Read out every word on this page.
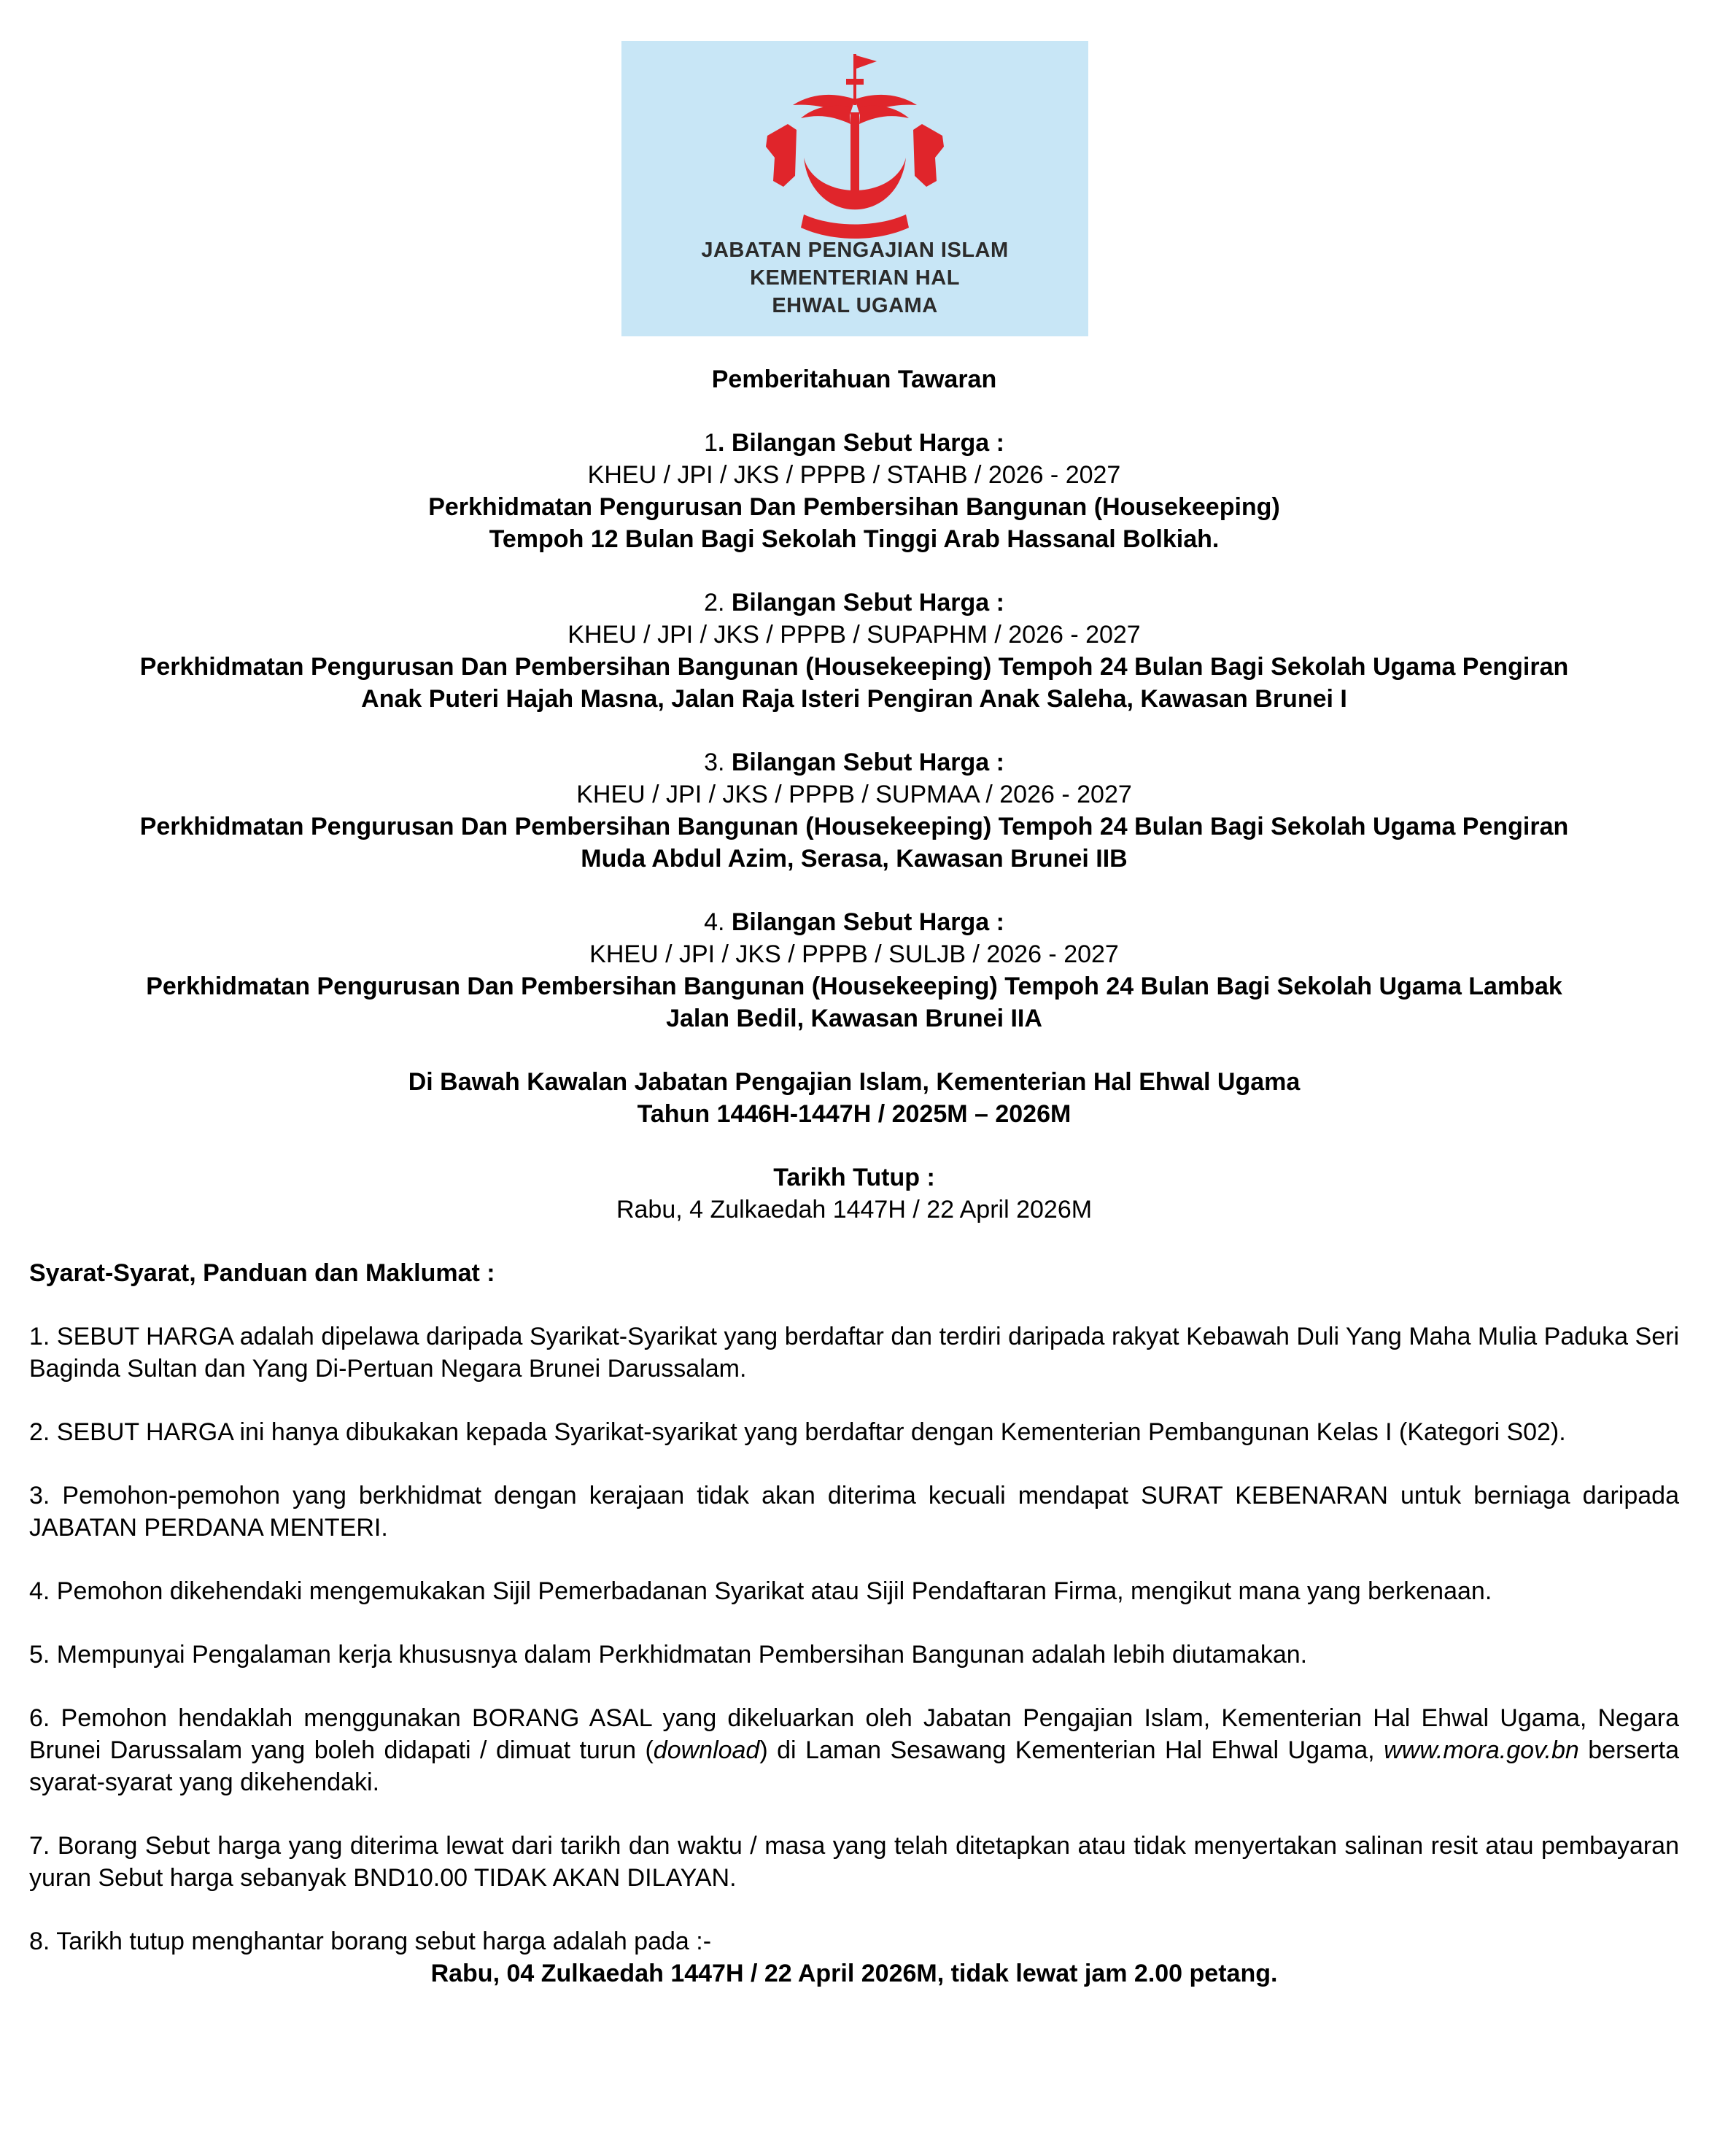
JABATAN PENGAJIAN ISLAM
KEMENTERIAN HAL
EHWAL UGAMA

Pemberitahuan Tawaran

1. Bilangan Sebut Harga :

KHEU / JPI / JKS / PPPB / STAHB / 2026 - 2027

Perkhidmatan Pengurusan Dan Pembersihan Bangunan (Housekeeping)

Tempoh 12 Bulan Bagi Sekolah Tinggi Arab Hassanal Bolkiah.

2. Bilangan Sebut Harga :

KHEU / JPI / JKS / PPPB / SUPAPHM / 2026 - 2027

Perkhidmatan Pengurusan Dan Pembersihan Bangunan (Housekeeping) Tempoh 24 Bulan Bagi Sekolah Ugama Pengiran

Anak Puteri Hajah Masna, Jalan Raja Isteri Pengiran Anak Saleha, Kawasan Brunei I

3. Bilangan Sebut Harga :

KHEU / JPI / JKS / PPPB / SUPMAA / 2026 - 2027

Perkhidmatan Pengurusan Dan Pembersihan Bangunan (Housekeeping) Tempoh 24 Bulan Bagi Sekolah Ugama Pengiran

Muda Abdul Azim, Serasa, Kawasan Brunei IIB

4. Bilangan Sebut Harga :

KHEU / JPI / JKS / PPPB / SULJB / 2026 - 2027

Perkhidmatan Pengurusan Dan Pembersihan Bangunan (Housekeeping) Tempoh 24 Bulan Bagi Sekolah Ugama Lambak

Jalan Bedil, Kawasan Brunei IIA

Di Bawah Kawalan Jabatan Pengajian Islam, Kementerian Hal Ehwal Ugama

Tahun 1446H-1447H / 2025M – 2026M

Tarikh Tutup :

Rabu, 4 Zulkaedah 1447H / 22 April 2026M

Syarat-Syarat, Panduan dan Maklumat :

1. SEBUT HARGA adalah dipelawa daripada Syarikat-Syarikat yang berdaftar dan terdiri daripada rakyat Kebawah Duli Yang Maha Mulia Paduka Seri Baginda Sultan dan Yang Di-Pertuan Negara Brunei Darussalam.

2. SEBUT HARGA ini hanya dibukakan kepada Syarikat-syarikat yang berdaftar dengan Kementerian Pembangunan Kelas I (Kategori S02).

3. Pemohon-pemohon yang berkhidmat dengan kerajaan tidak akan diterima kecuali mendapat SURAT KEBENARAN untuk berniaga daripada JABATAN PERDANA MENTERI.

4. Pemohon dikehendaki mengemukakan Sijil Pemerbadanan Syarikat atau Sijil Pendaftaran Firma, mengikut mana yang berkenaan.

5. Mempunyai Pengalaman kerja khususnya dalam Perkhidmatan Pembersihan Bangunan adalah lebih diutamakan.

6. Pemohon hendaklah menggunakan BORANG ASAL yang dikeluarkan oleh Jabatan Pengajian Islam, Kementerian Hal Ehwal Ugama, Negara Brunei Darussalam yang boleh didapati / dimuat turun (download) di Laman Sesawang Kementerian Hal Ehwal Ugama, www.mora.gov.bn berserta syarat-syarat yang dikehendaki.

7. Borang Sebut harga yang diterima lewat dari tarikh dan waktu / masa yang telah ditetapkan atau tidak menyertakan salinan resit atau pembayaran yuran Sebut harga sebanyak BND10.00 TIDAK AKAN DILAYAN.

8. Tarikh tutup menghantar borang sebut harga adalah pada :-

Rabu, 04 Zulkaedah 1447H / 22 April 2026M, tidak lewat jam 2.00 petang.
